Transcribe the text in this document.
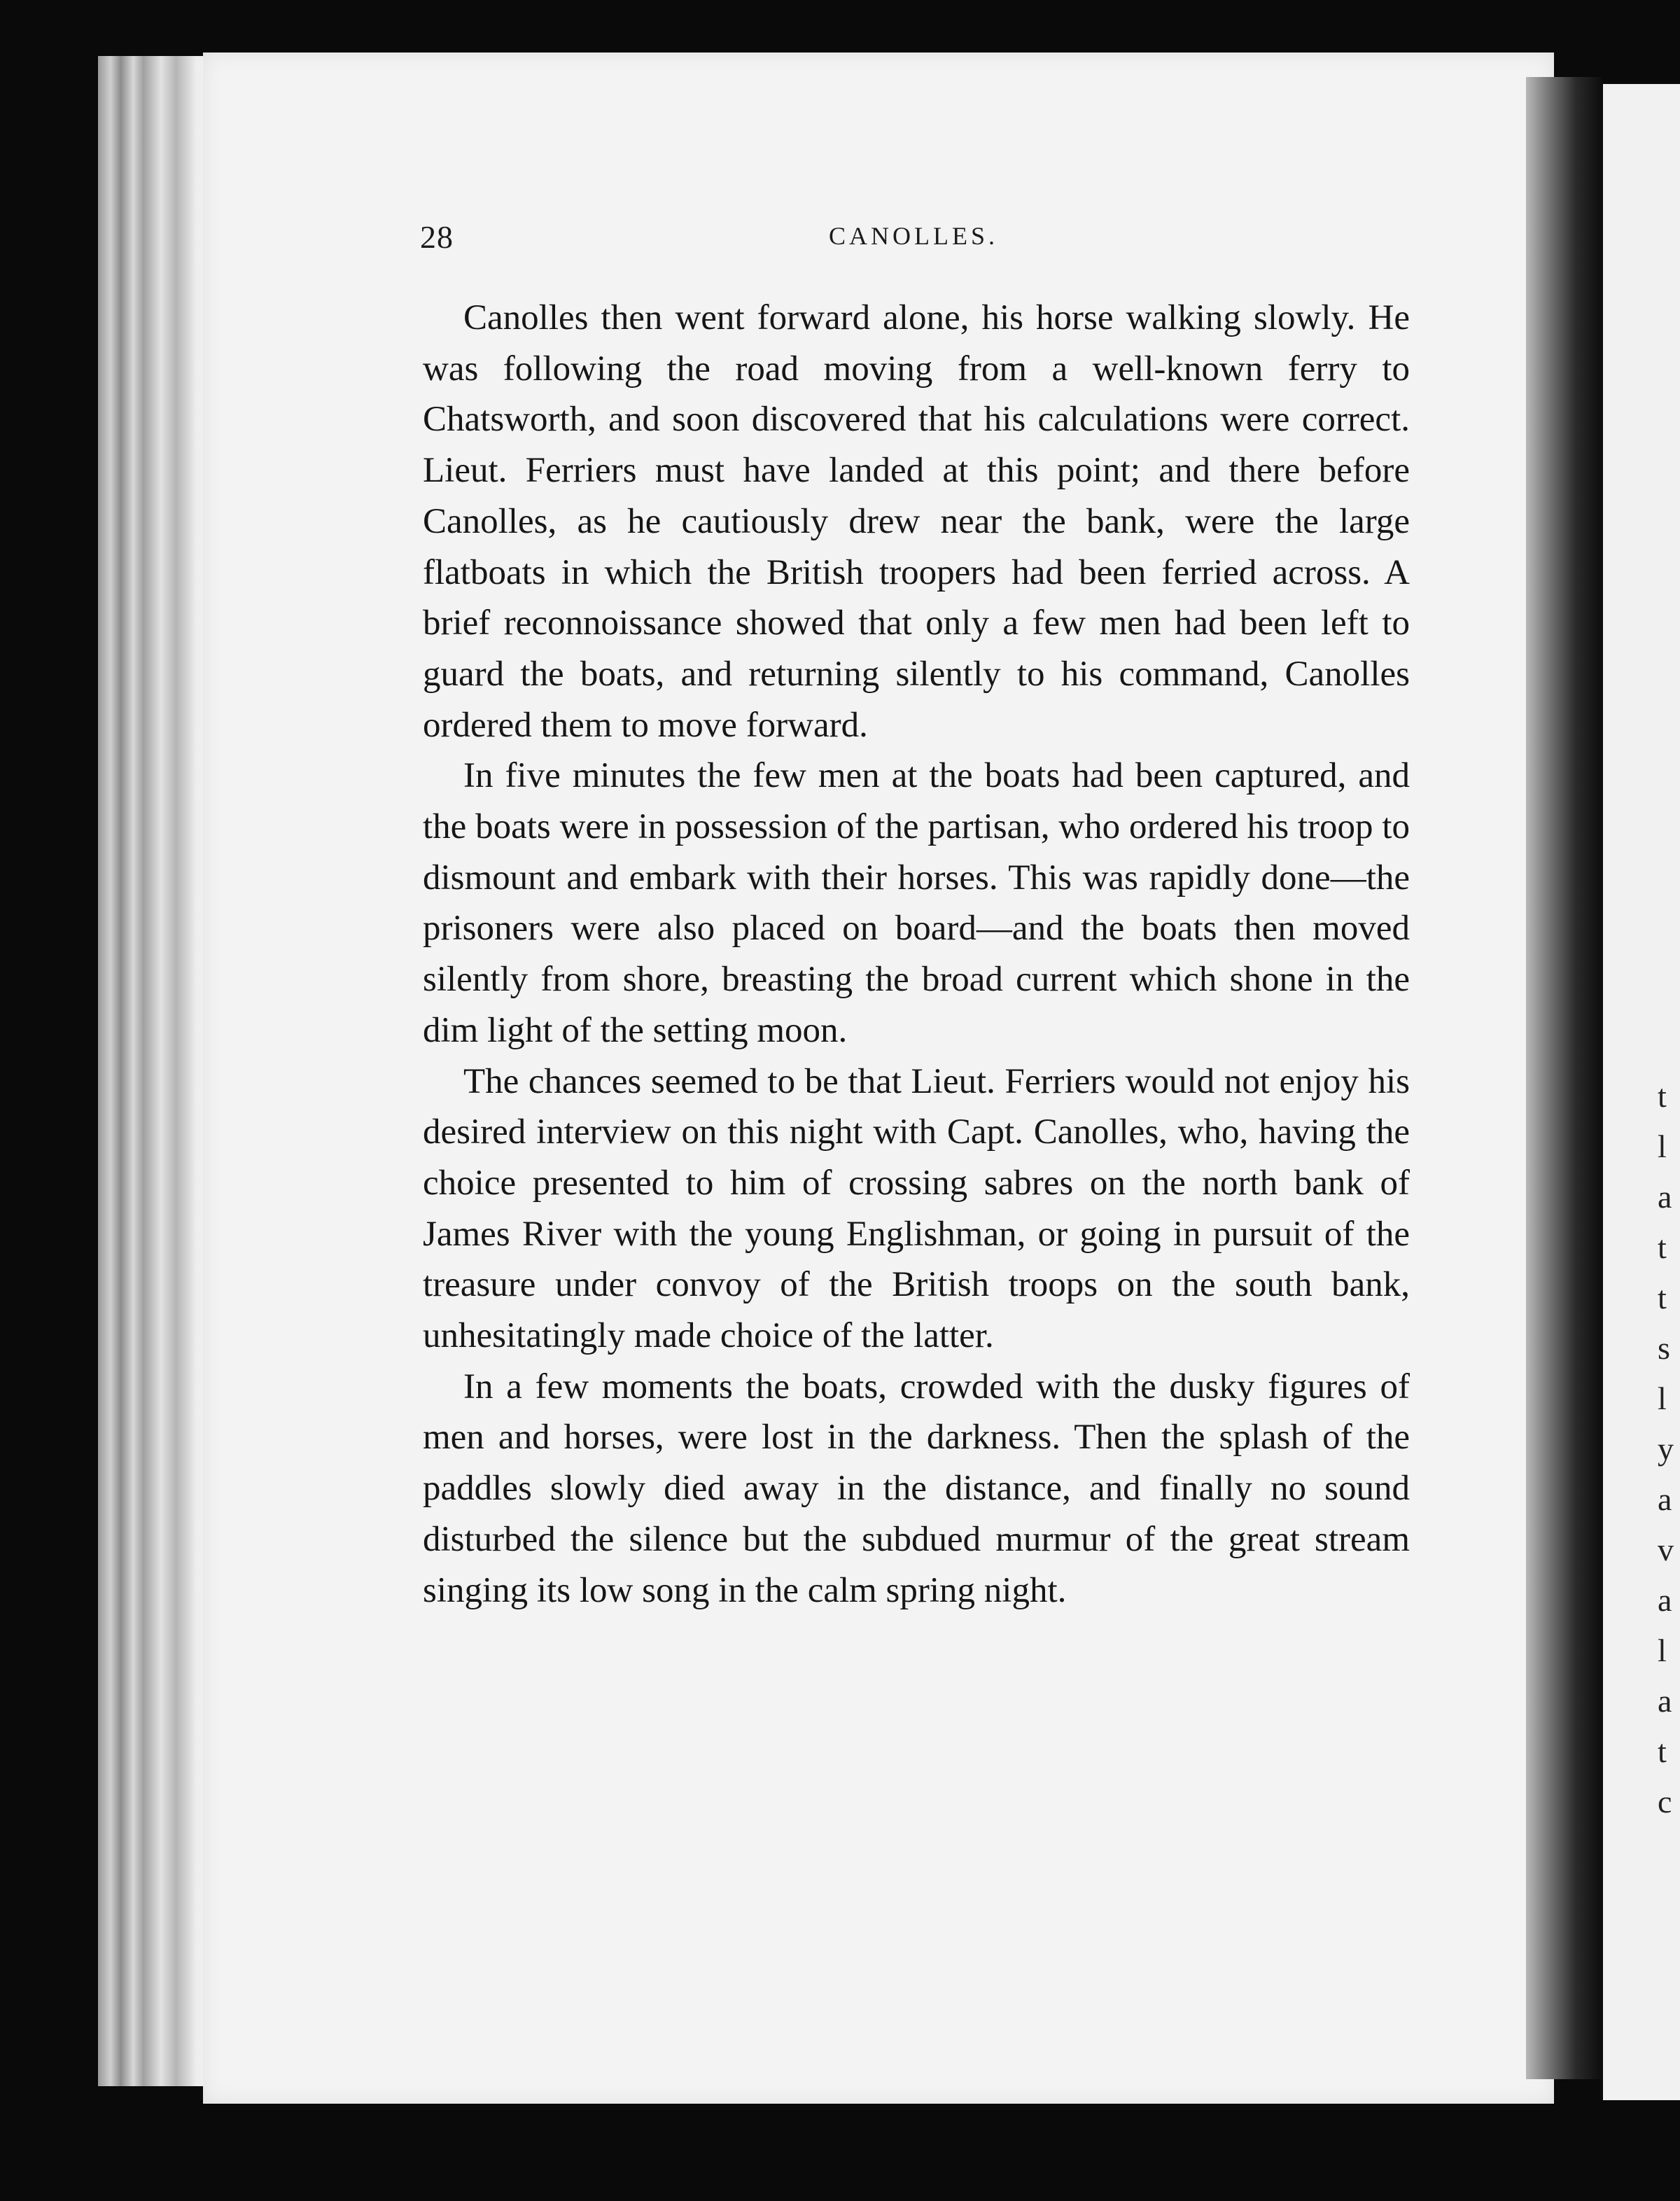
t
l
a
t
t
s
l
y
a
v
a
l
a
t
c
28	CANOLLES.

Canolles then went forward alone, his horse walking slowly. He was following the road moving from a well-known ferry to Chatsworth, and soon discovered that his calculations were correct. Lieut. Ferriers must have landed at this point; and there before Canolles, as he cautiously drew near the bank, were the large flatboats in which the British troopers had been ferried across. A brief reconnoissance showed that only a few men had been left to guard the boats, and returning silently to his command, Canolles ordered them to move forward.

In five minutes the few men at the boats had been captured, and the boats were in possession of the partisan, who ordered his troop to dismount and embark with their horses. This was rapidly done—the prisoners were also placed on board—and the boats then moved silently from shore, breasting the broad current which shone in the dim light of the setting moon.

The chances seemed to be that Lieut. Ferriers would not enjoy his desired interview on this night with Capt. Canolles, who, having the choice presented to him of crossing sabres on the north bank of James River with the young Englishman, or going in pursuit of the treasure under convoy of the British troops on the south bank, unhesitatingly made choice of the latter.

In a few moments the boats, crowded with the dusky figures of men and horses, were lost in the darkness. Then the splash of the paddles slowly died away in the distance, and finally no sound disturbed the silence but the subdued murmur of the great stream singing its low song in the calm spring night.
